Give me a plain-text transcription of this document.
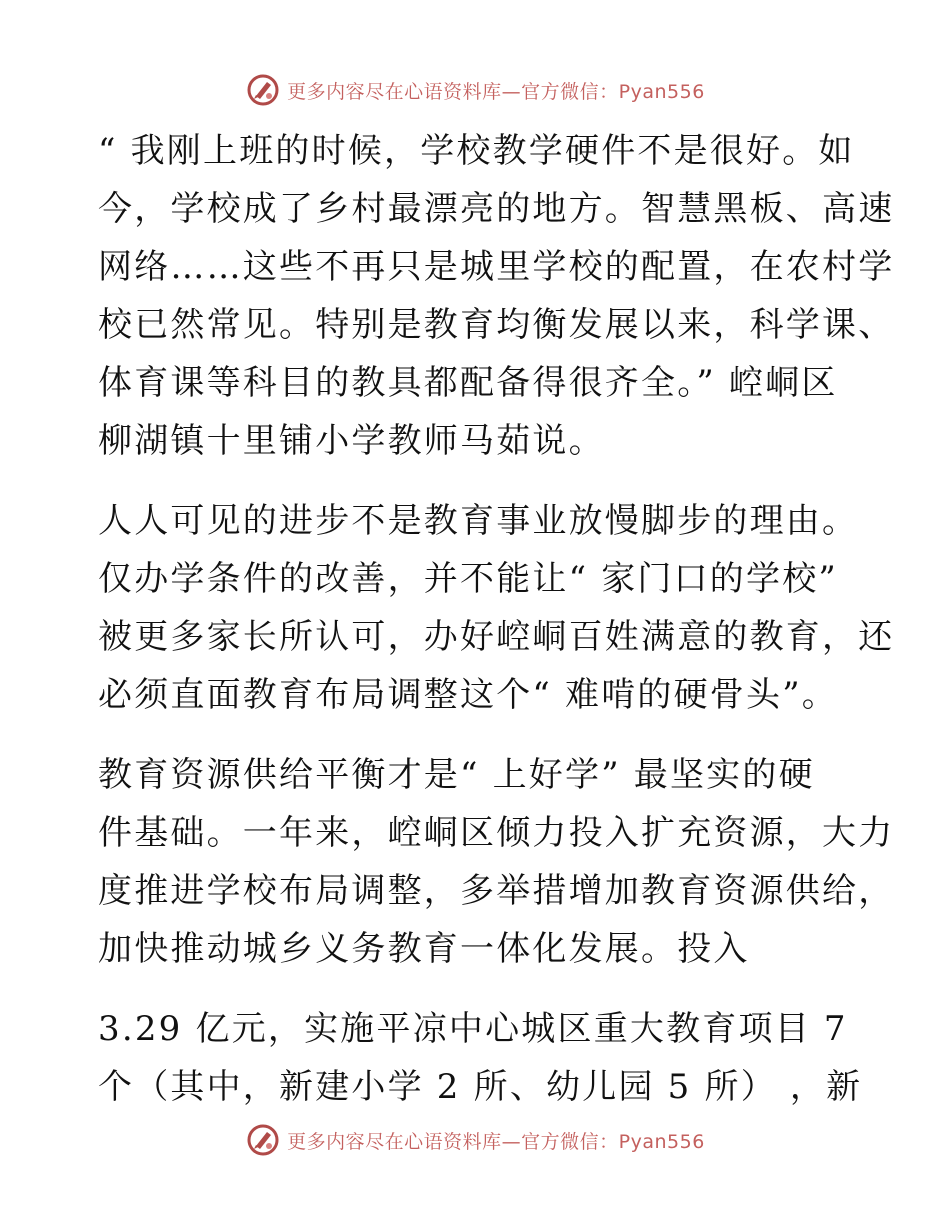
更多内容尽在心语资料库—官方微信：Pyan556
“ 我刚上班的时候，学校教学硬件不是很好。如
今，学校成了乡村最漂亮的地方。智慧黑板、高速
网络……这些不再只是城里学校的配置，在农村学
校已然常见。特别是教育均衡发展以来，科学课、
体育课等科目的教具都配备得很齐全。” 崆峒区
柳湖镇十里铺小学教师马茹说。
人人可见的进步不是教育事业放慢脚步的理由。
仅办学条件的改善，并不能让“ 家门口的学校”
被更多家长所认可，办好崆峒百姓满意的教育，还
必须直面教育布局调整这个“ 难啃的硬骨头”。
教育资源供给平衡才是“ 上好学” 最坚实的硬
件基础。一年来，崆峒区倾力投入扩充资源，大力
度推进学校布局调整，多举措增加教育资源供给，
加快推动城乡义务教育一体化发展。投入
3.29 亿元，实施平凉中心城区重大教育项目 7
个（其中，新建小学 2 所、幼儿园 5 所） ，新
更多内容尽在心语资料库—官方微信：Pyan556
